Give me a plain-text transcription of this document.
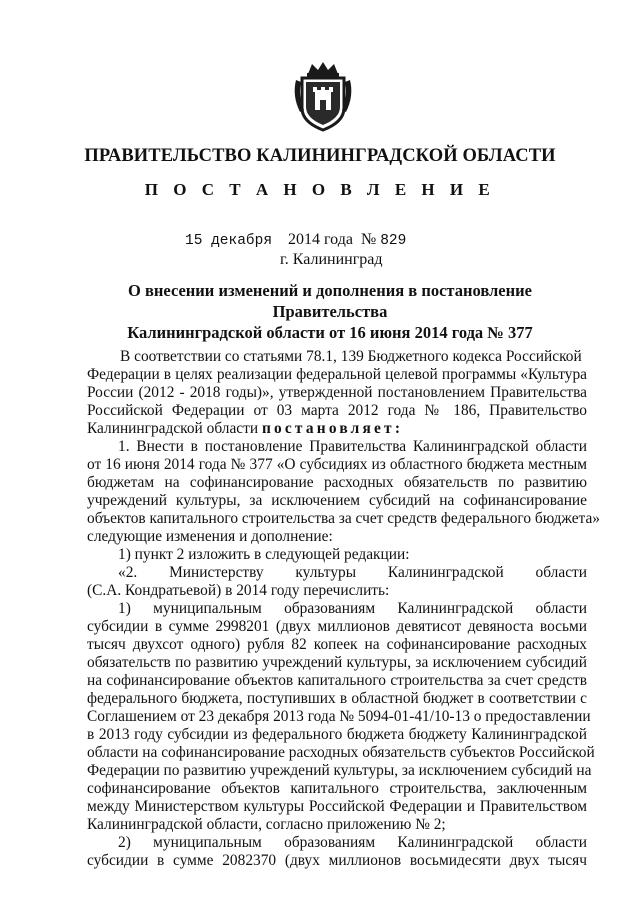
ПРАВИТЕЛЬСТВО КАЛИНИНГРАДСКОЙ ОБЛАСТИ
П О С Т А Н О В Л Е Н И Е
15 декабря 2014 года № 829
г. Калининград
О внесении изменений и дополнения в постановление Правительства
Калининградской области от 16 июня 2014 года № 377
В соответствии со статьями 78.1, 139 Бюджетного кодекса Российской
Федерации в целях реализации федеральной целевой программы «Культура
России (2012 - 2018 годы)», утвержденной постановлением Правительства
Российской Федерации от 03 марта 2012 года № 186, Правительство
Калининградской области постановляет:
1. Внести в постановление Правительства Калининградской области
от 16 июня 2014 года № 377 «О субсидиях из областного бюджета местным
бюджетам на софинансирование расходных обязательств по развитию
учреждений культуры, за исключением субсидий на софинансирование
объектов капитального строительства за счет средств федерального бюджета»
следующие изменения и дополнение:
1) пункт 2 изложить в следующей редакции:
«2. Министерству культуры Калининградской области
(С.А. Кондратьевой) в 2014 году перечислить:
1) муниципальным образованиям Калининградской области
субсидии в сумме 2998201 (двух миллионов девятисот девяноста восьми
тысяч двухсот одного) рубля 82 копеек на софинансирование расходных
обязательств по развитию учреждений культуры, за исключением субсидий
на софинансирование объектов капитального строительства за счет средств
федерального бюджета, поступивших в областной бюджет в соответствии с
Соглашением от 23 декабря 2013 года № 5094-01-41/10-13 о предоставлении
в 2013 году субсидии из федерального бюджета бюджету Калининградской
области на софинансирование расходных обязательств субъектов Российской
Федерации по развитию учреждений культуры, за исключением субсидий на
софинансирование объектов капитального строительства, заключенным
между Министерством культуры Российской Федерации и Правительством
Калининградской области, согласно приложению № 2;
2) муниципальным образованиям Калининградской области
субсидии в сумме 2082370 (двух миллионов восьмидесяти двух тысяч
